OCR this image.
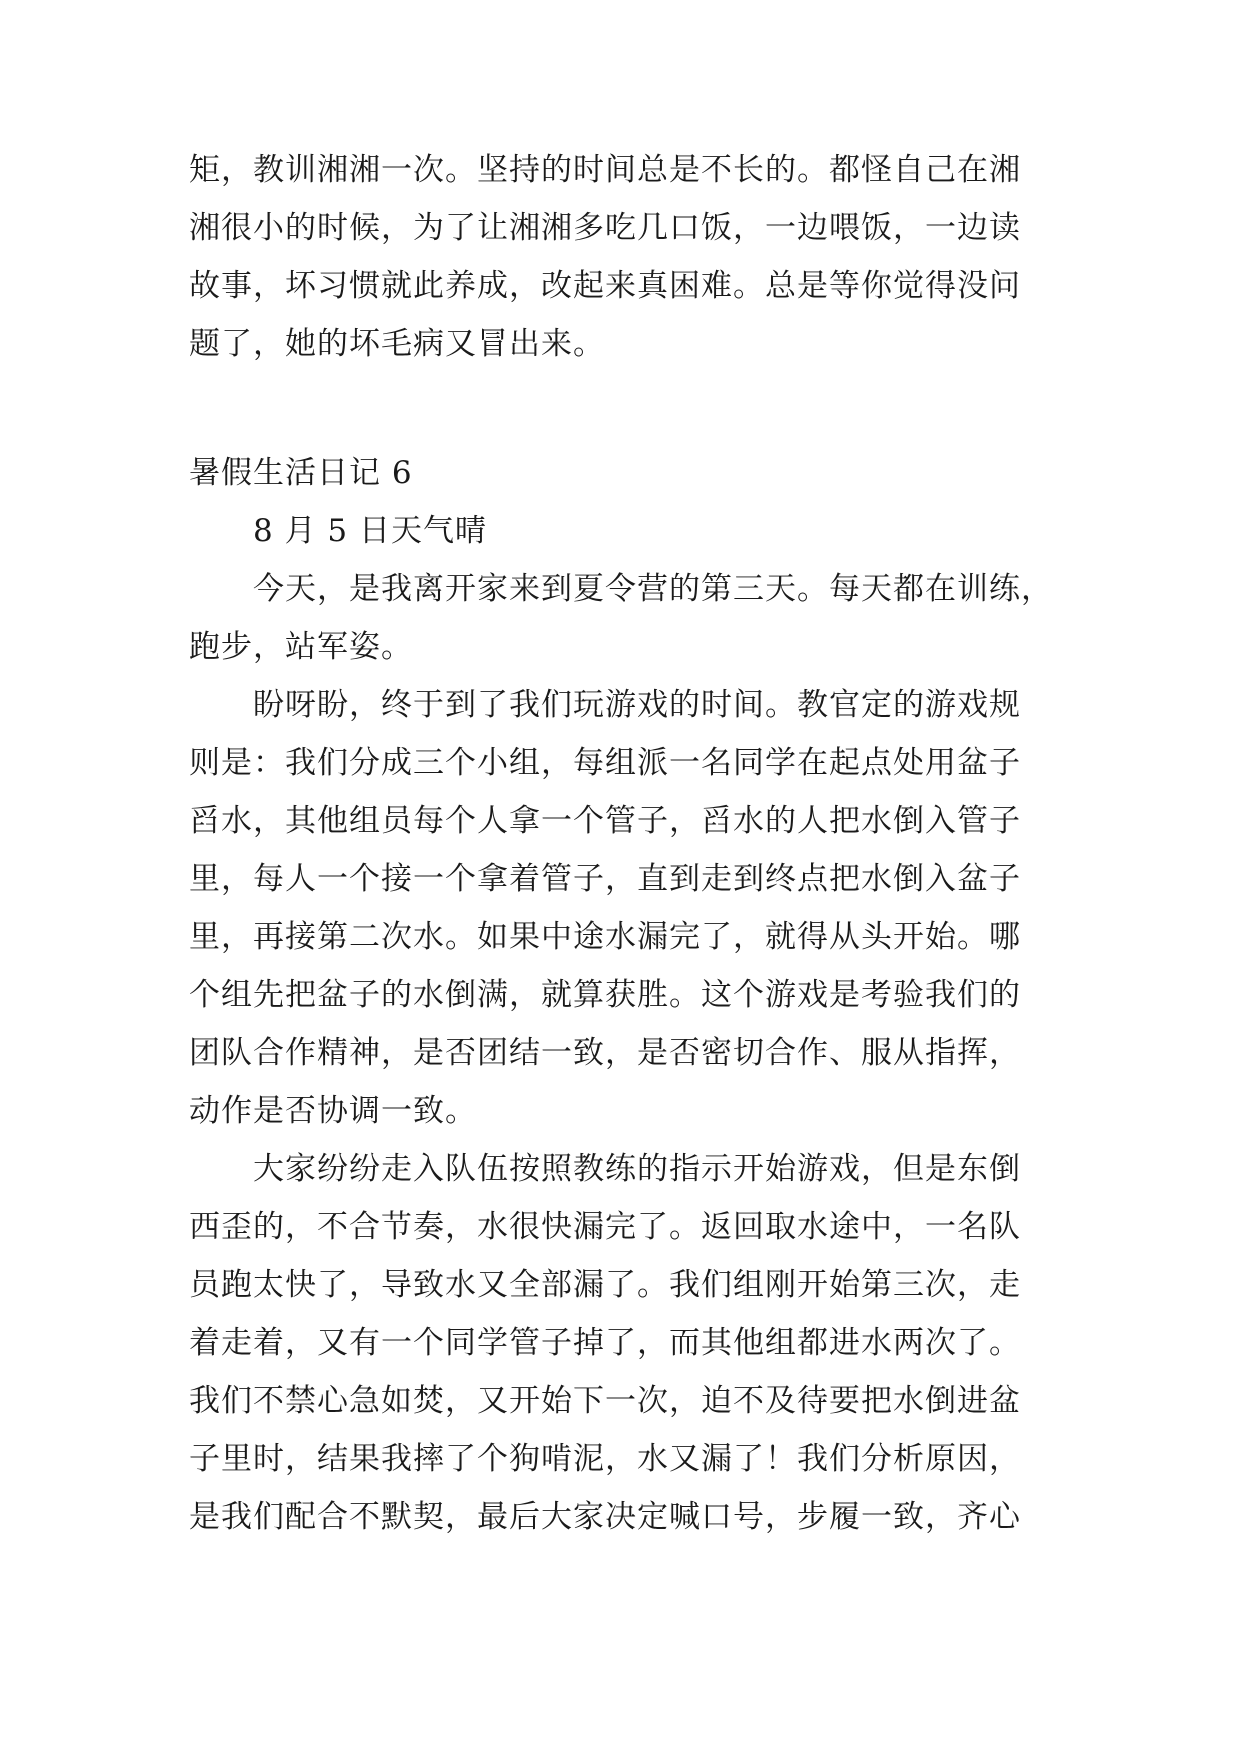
矩，教训湘湘一次。坚持的时间总是不长的。都怪自己在湘
湘很小的时候，为了让湘湘多吃几口饭，一边喂饭，一边读
故事，坏习惯就此养成，改起来真困难。总是等你觉得没问
题了，她的坏毛病又冒出来。
暑假生活日记 6
8 月 5 日天气晴
今天，是我离开家来到夏令营的第三天。每天都在训练，
跑步，站军姿。
盼呀盼，终于到了我们玩游戏的时间。教官定的游戏规
则是：我们分成三个小组，每组派一名同学在起点处用盆子
舀水，其他组员每个人拿一个管子，舀水的人把水倒入管子
里，每人一个接一个拿着管子，直到走到终点把水倒入盆子
里，再接第二次水。如果中途水漏完了，就得从头开始。哪
个组先把盆子的水倒满，就算获胜。这个游戏是考验我们的
团队合作精神，是否团结一致，是否密切合作、服从指挥，
动作是否协调一致。
大家纷纷走入队伍按照教练的指示开始游戏，但是东倒
西歪的，不合节奏，水很快漏完了。返回取水途中，一名队
员跑太快了，导致水又全部漏了。我们组刚开始第三次，走
着走着，又有一个同学管子掉了，而其他组都进水两次了。
我们不禁心急如焚，又开始下一次，迫不及待要把水倒进盆
子里时，结果我摔了个狗啃泥，水又漏了！我们分析原因，
是我们配合不默契，最后大家决定喊口号，步履一致，齐心
